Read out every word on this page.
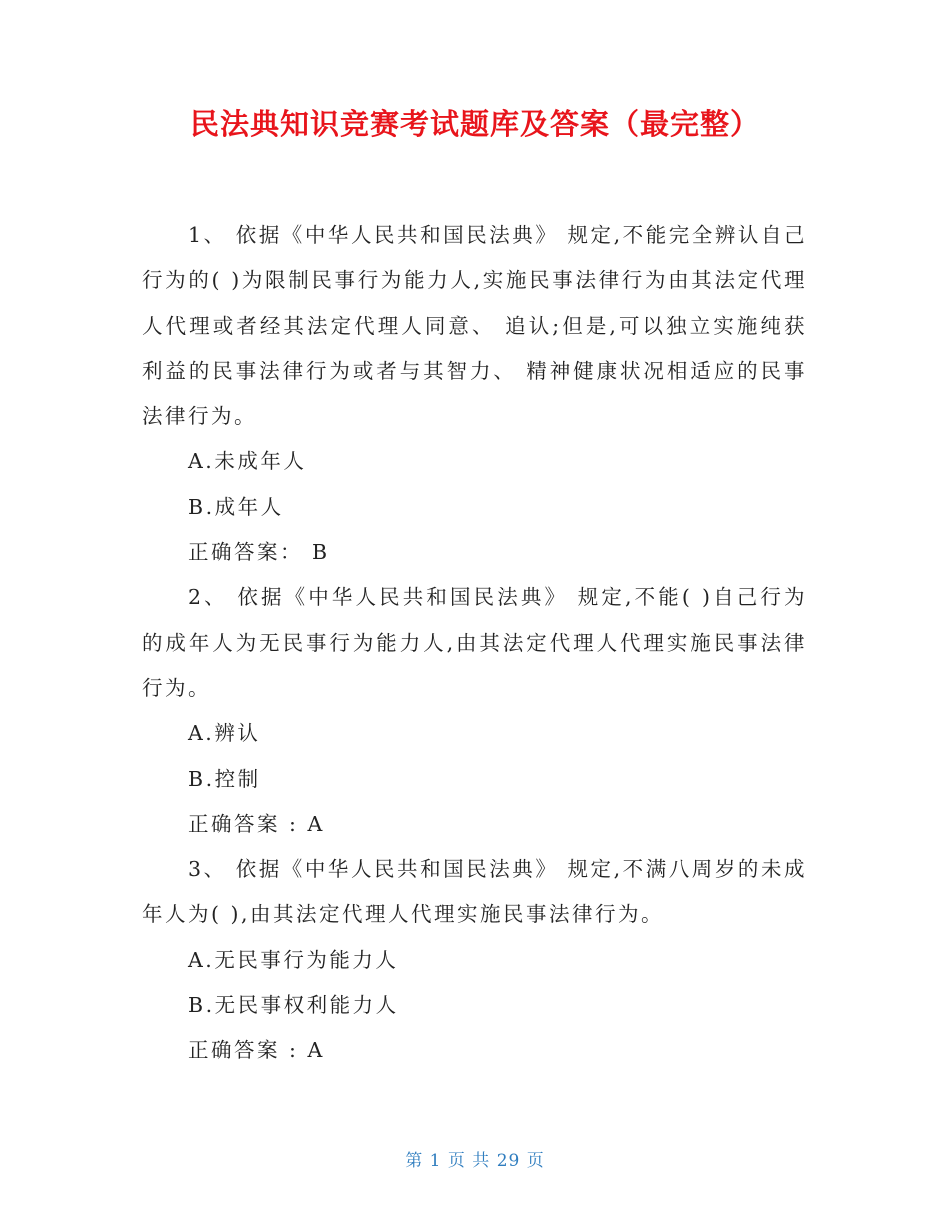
民法典知识竞赛考试题库及答案（最完整）

1、 依据《中华人民共和国民法典》 规定,不能完全辨认自己行为的( )为限制民事行为能力人,实施民事法律行为由其法定代理人代理或者经其法定代理人同意、 追认;但是,可以独立实施纯获利益的民事法律行为或者与其智力、 精神健康状况相适应的民事法律行为。

A.未成年人

B.成年人

正确答案： B

2、 依据《中华人民共和国民法典》 规定,不能( )自己行为的成年人为无民事行为能力人,由其法定代理人代理实施民事法律行为。

A.辨认

B.控制

正确答案 : A

3、 依据《中华人民共和国民法典》 规定,不满八周岁的未成年人为( ),由其法定代理人代理实施民事法律行为。

A.无民事行为能力人

B.无民事权利能力人

正确答案 : A

第 1 页 共 29 页
